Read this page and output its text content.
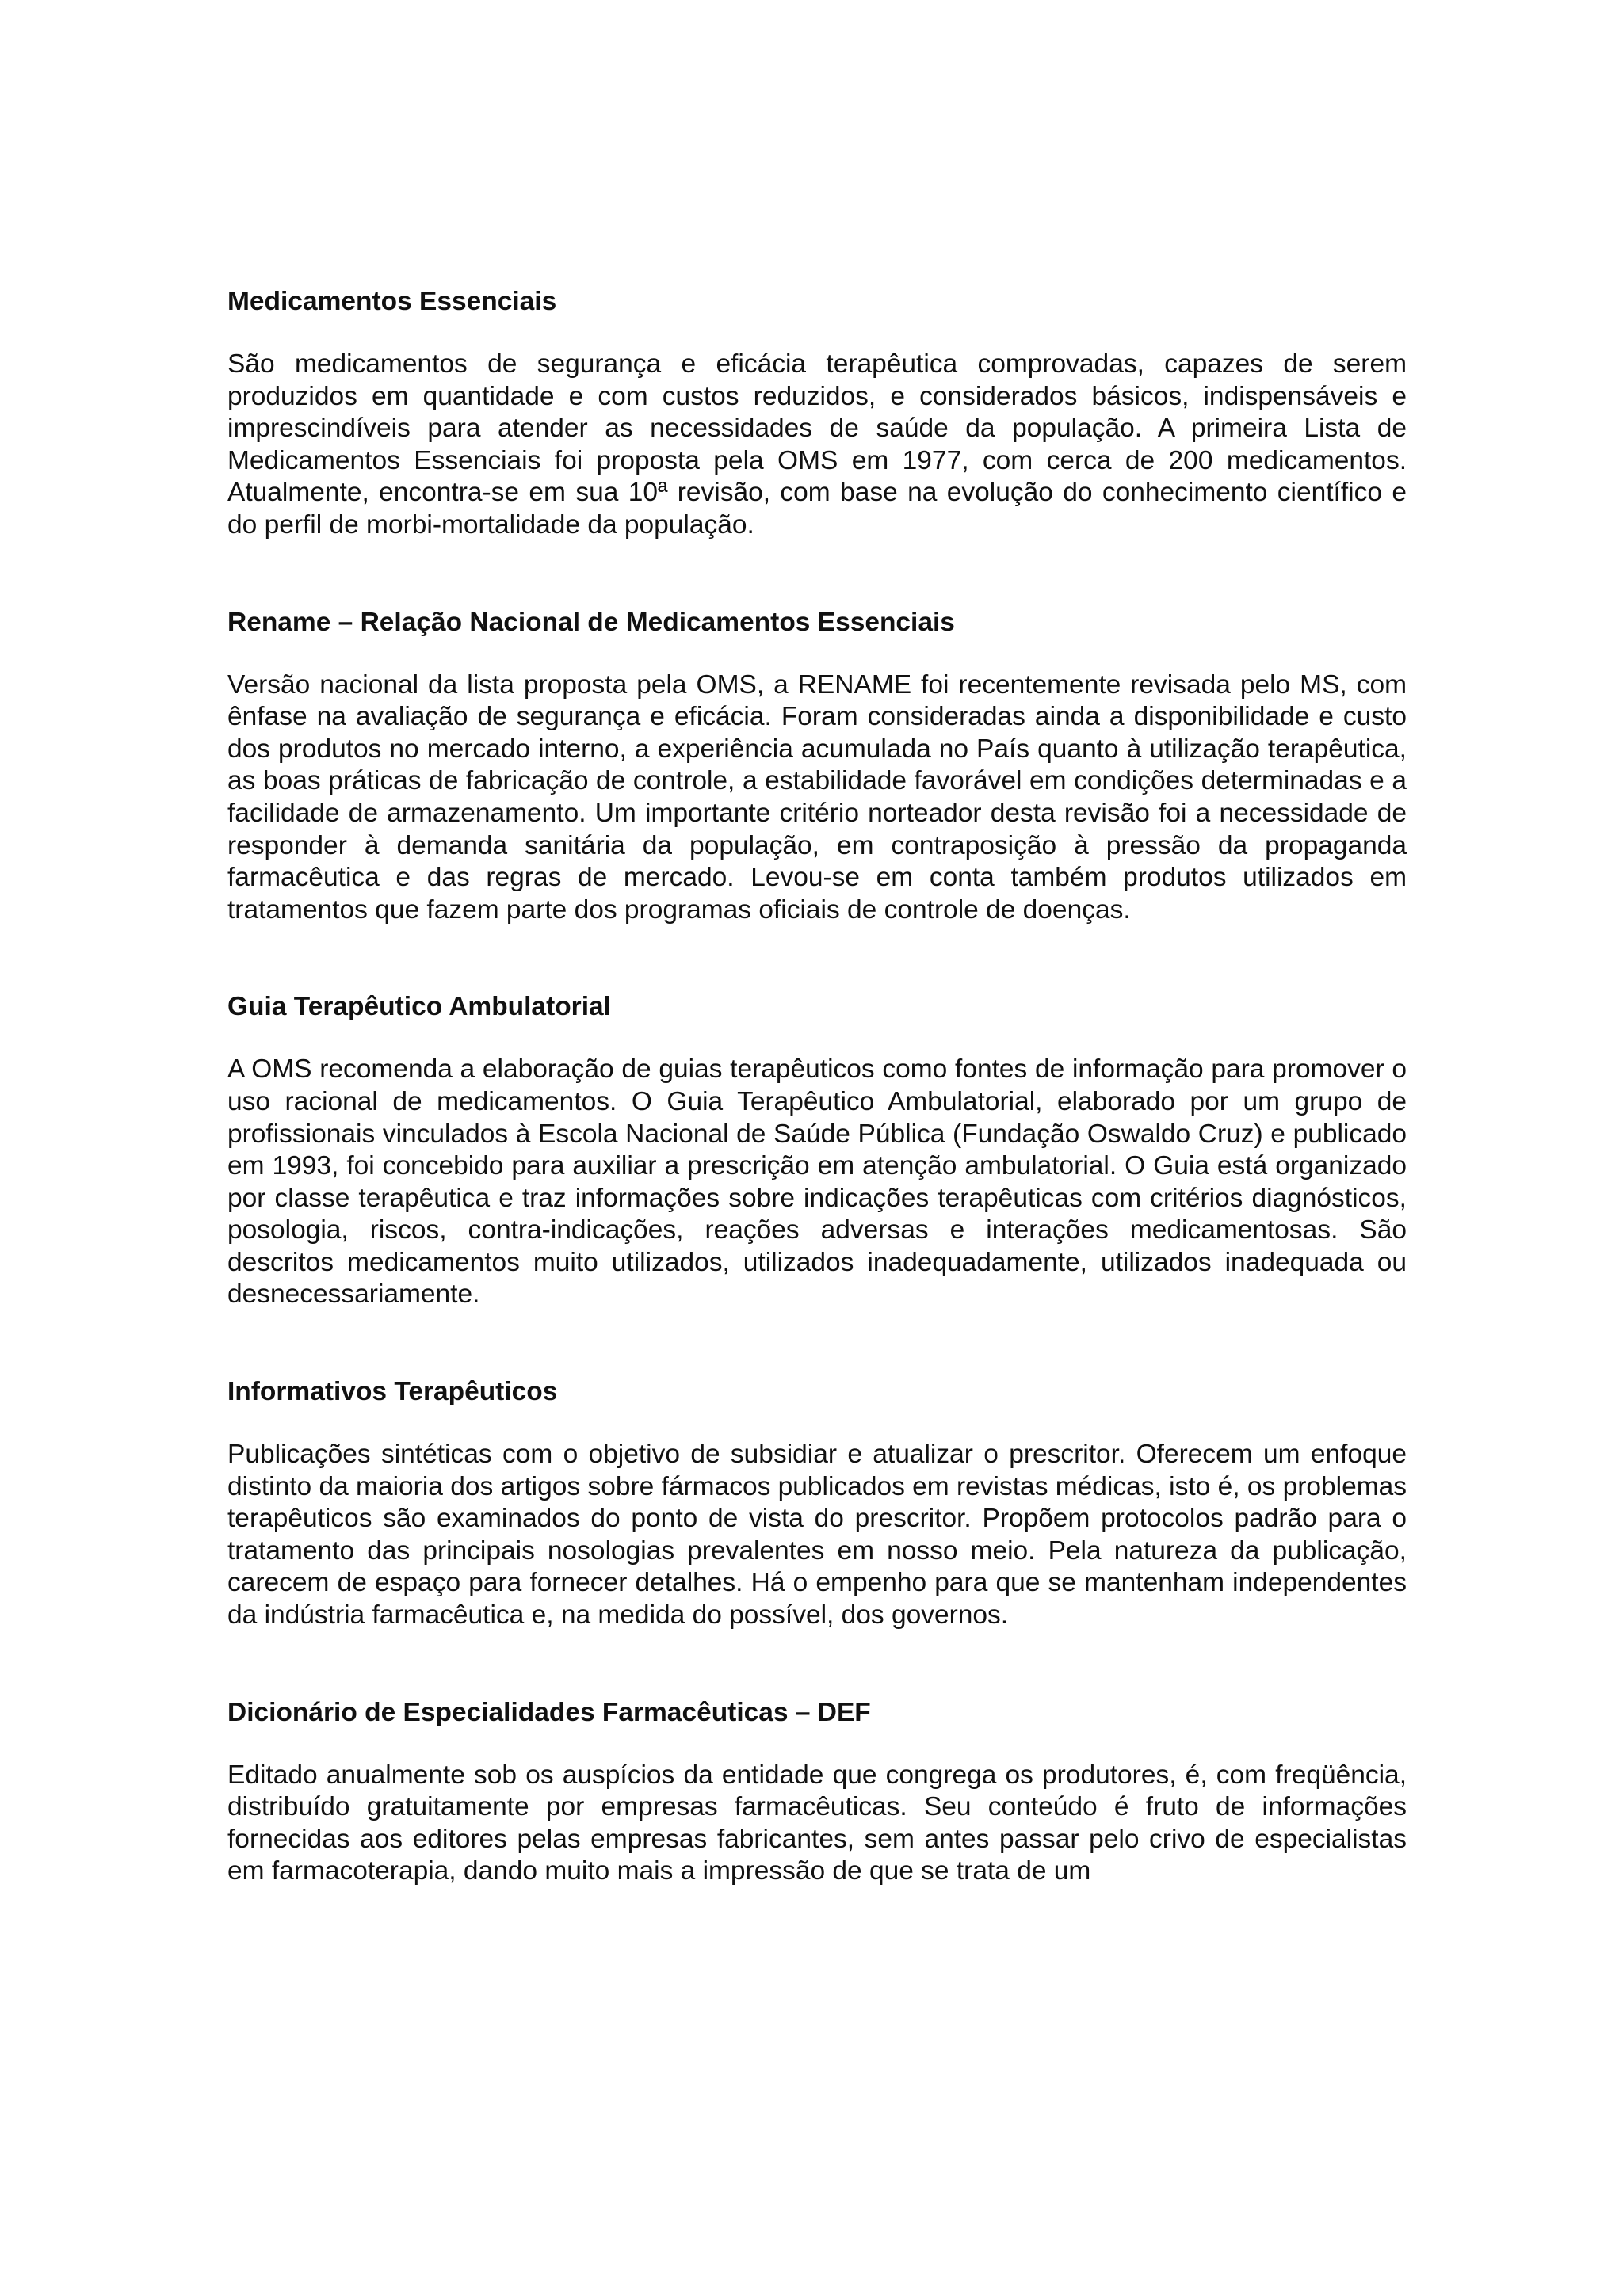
Medicamentos Essenciais

São medicamentos de segurança e eficácia terapêutica comprovadas, capazes de serem produzidos em quantidade e com custos reduzidos, e considerados básicos, indispensáveis e imprescindíveis para atender as necessidades de saúde da população. A primeira Lista de Medicamentos Essenciais foi proposta pela OMS em 1977, com cerca de 200 medicamentos. Atualmente, encontra-se em sua 10ª revisão, com base na evolução do conhecimento científico e do perfil de morbi-mortalidade da população.

Rename – Relação Nacional de Medicamentos Essenciais

Versão nacional da lista proposta pela OMS, a RENAME foi recentemente revisada pelo MS, com ênfase na avaliação de segurança e eficácia. Foram consideradas ainda a disponibilidade e custo dos produtos no mercado interno, a experiência acumulada no País quanto à utilização terapêutica, as boas práticas de fabricação de controle, a estabilidade favorável em condições determinadas e a facilidade de armazenamento. Um importante critério norteador desta revisão foi a necessidade de responder à demanda sanitária da população, em contraposição à pressão da propaganda farmacêutica e das regras de mercado. Levou-se em conta também produtos utilizados em tratamentos que fazem parte dos programas oficiais de controle de doenças.

Guia Terapêutico Ambulatorial

A OMS recomenda a elaboração de guias terapêuticos como fontes de informação para promover o uso racional de medicamentos. O Guia Terapêutico Ambulatorial, elaborado por um grupo de profissionais vinculados à Escola Nacional de Saúde Pública (Fundação Oswaldo Cruz) e publicado em 1993, foi concebido para auxiliar a prescrição em atenção ambulatorial. O Guia está organizado por classe terapêutica e traz informações sobre indicações terapêuticas com critérios diagnósticos, posologia, riscos, contra-indicações, reações adversas e interações medicamentosas. São descritos medicamentos muito utilizados, utilizados inadequadamente, utilizados inadequada ou desnecessariamente.

Informativos Terapêuticos

Publicações sintéticas com o objetivo de subsidiar e atualizar o prescritor. Oferecem um enfoque distinto da maioria dos artigos sobre fármacos publicados em revistas médicas, isto é, os problemas terapêuticos são examinados do ponto de vista do prescritor. Propõem protocolos padrão para o tratamento das principais nosologias prevalentes em nosso meio. Pela natureza da publicação, carecem de espaço para fornecer detalhes. Há o empenho para que se mantenham independentes da indústria farmacêutica e, na medida do possível, dos governos.

Dicionário de Especialidades Farmacêuticas – DEF

Editado anualmente sob os auspícios da entidade que congrega os produtores, é, com freqüência, distribuído gratuitamente por empresas farmacêuticas. Seu conteúdo é fruto de informações fornecidas aos editores pelas empresas fabricantes, sem antes passar pelo crivo de especialistas em farmacoterapia, dando muito mais a impressão de que se trata de um
